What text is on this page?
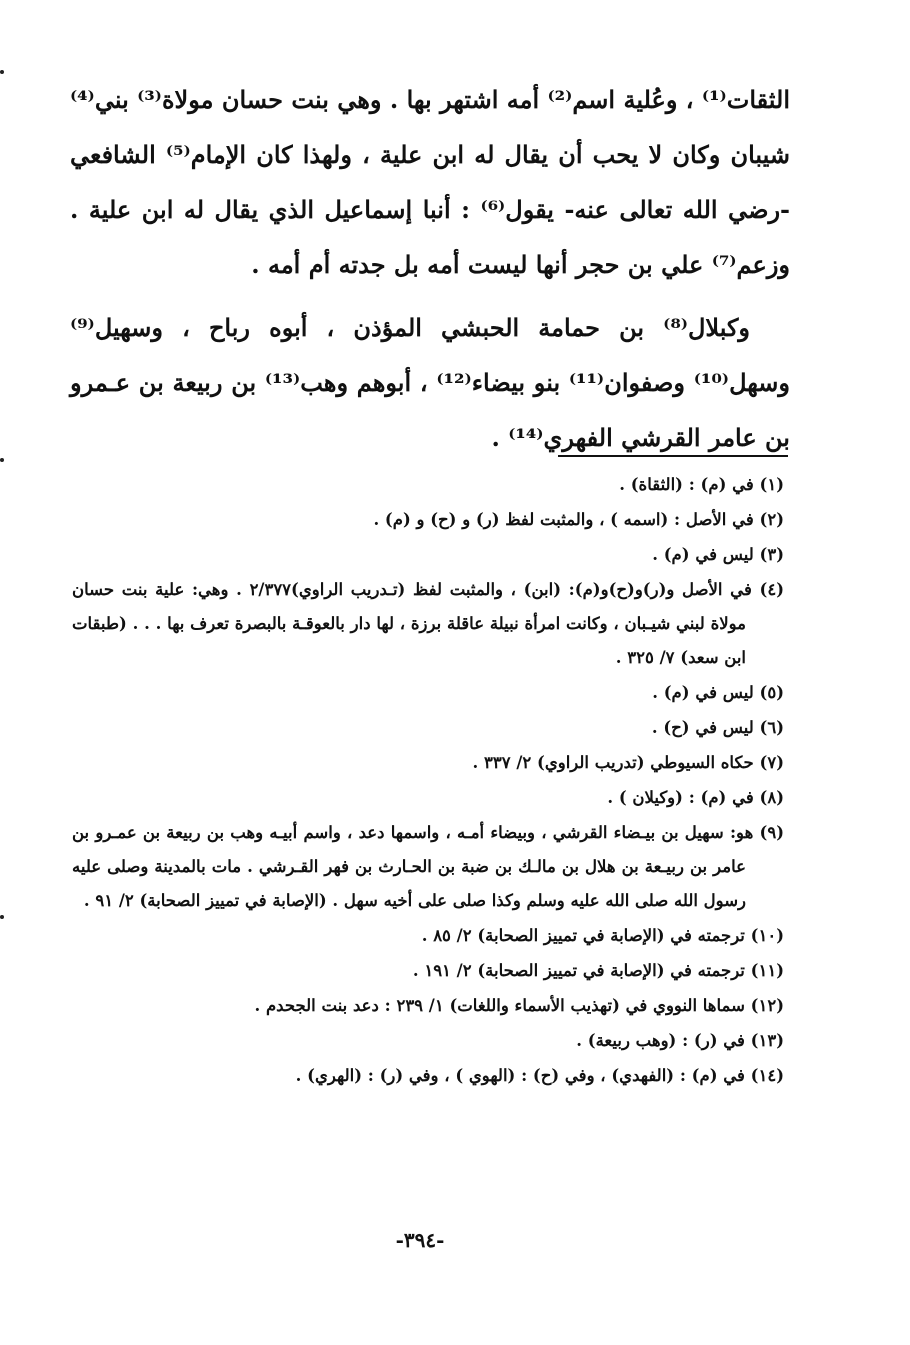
الثقات⁽¹⁾ ، وعُلية اسم⁽²⁾ أمه اشتهر بها . وهي بنت حسان مولاة⁽³⁾ بني⁽⁴⁾ شيبان وكان لا يحب أن يقال له ابن علية ، ولهذا كان الإمام⁽⁵⁾ الشافعي -رضي الله تعالى عنه- يقول⁽⁶⁾ : أنبا إسماعيل الذي يقال له ابن علية . وزعم⁽⁷⁾ علي بن حجر أنها ليست أمه بل جدته أم أمه .

وكبلال⁽⁸⁾ بن حمامة الحبشي المؤذن ، أبوه رباح ، وسهيل⁽⁹⁾ وسهل⁽¹⁰⁾ وصفوان⁽¹¹⁾ بنو بيضاء⁽¹²⁾ ، أبوهم وهب⁽¹³⁾ بن ربيعة بن عـمرو بن عامر القرشي الفهري⁽¹⁴⁾ .

(١) في (م) : (الثقاة) .
(٢) في الأصل : (اسمه ) ، والمثبت لفظ (ر) و (ح) و (م) .
(٣) ليس في (م) .
(٤) في الأصل و(ر)و(ح)و(م): (ابن) ، والمثبت لفظ (تـدريب الراوي)٢/٣٧٧ . وهي: علية بنت حسان مولاة لبني شيـبان ، وكانت امرأة نبيلة عاقلة برزة ، لها دار بالعوقـة بالبصرة تعرف بها . . . (طبقات ابن سعد) ٧/ ٣٢٥ .
(٥) ليس في (م) .
(٦) ليس في (ح) .
(٧) حكاه السيوطي (تدريب الراوي) ٢/ ٣٣٧ .
(٨) في (م) : (وكيلان ) .
(٩) هو: سهيل بن بيـضاء القرشي ، وبيضاء أمـه ، واسمها دعد ، واسم أبيـه وهب بن ربيعة بن عمـرو بن عامر بن ربيـعة بن هلال بن مالـك بن ضبة بن الحـارث بن فهر القـرشي . مات بالمدينة وصلى عليه رسول الله صلى الله عليه وسلم وكذا صلى على أخيه سهل . (الإصابة في تمييز الصحابة) ٢/ ٩١ .
(١٠) ترجمته في (الإصابة في تمييز الصحابة) ٢/ ٨٥ .
(١١) ترجمته في (الإصابة في تمييز الصحابة) ٢/ ١٩١ .
(١٢) سماها النووي في (تهذيب الأسماء واللغات) ١/ ٢٣٩ : دعد بنت الجحدم .
(١٣) في (ر) : (وهب ربيعة) .
(١٤) في (م) : (الفهدي) ، وفي (ح) : (الهوي ) ، وفي (ر) : (الهري) .
-٣٩٤-
